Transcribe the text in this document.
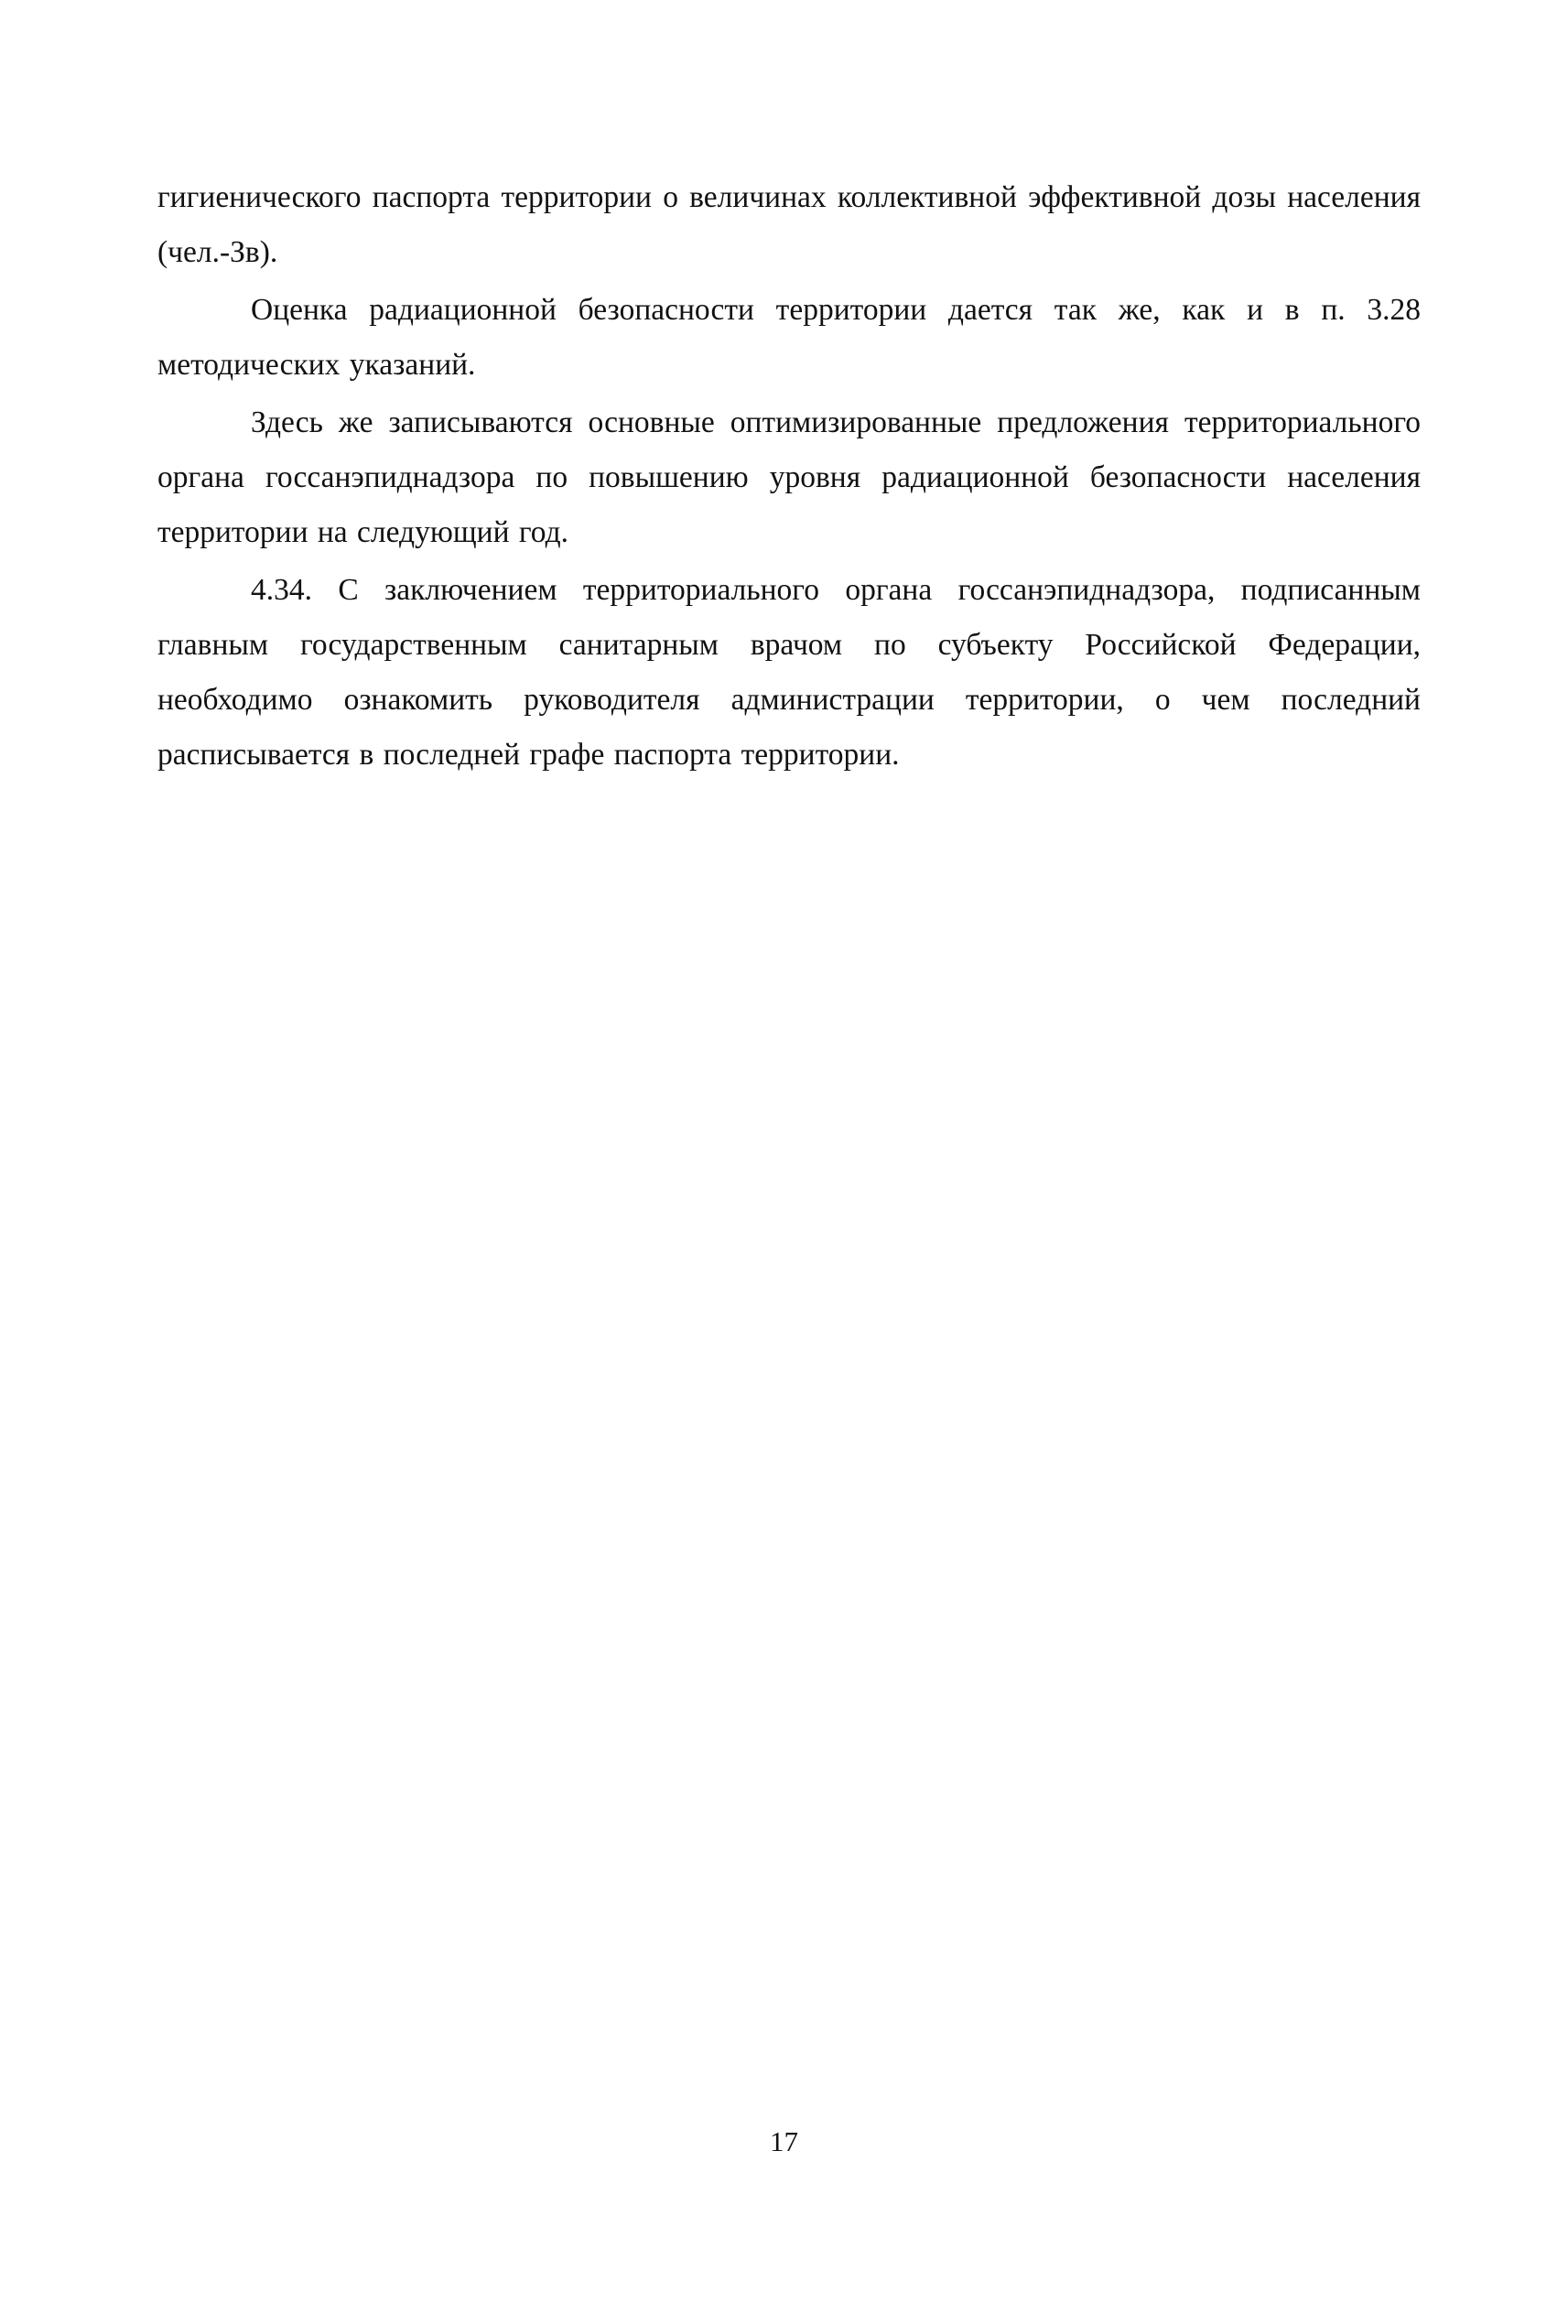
гигиенического паспорта территории о величинах коллективной эффективной дозы населения (чел.-Зв).

Оценка радиационной безопасности территории дается так же, как и в п. 3.28 методических указаний.

Здесь же записываются основные оптимизированные предложения территориального органа госсанэпиднадзора по повышению уровня радиационной безопасности населения территории на следующий год.

4.34. С заключением территориального органа госсанэпиднадзора, подписанным главным государственным санитарным врачом по субъекту Российской Федерации, необходимо ознакомить руководителя администрации территории, о чем последний расписывается в последней графе паспорта территории.

17
